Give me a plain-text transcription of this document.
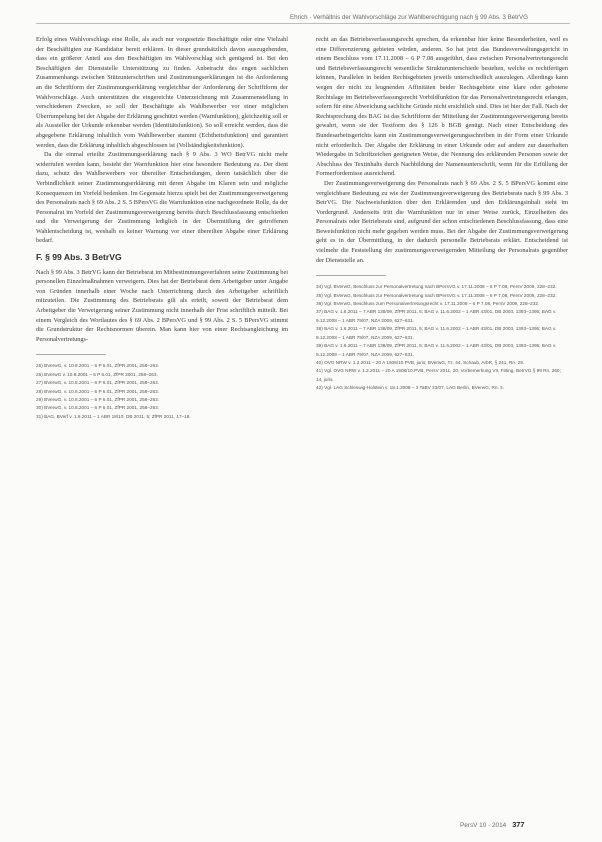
Ehrich · Verhältnis der Wahlvorschläge zur Wahlberechtigung nach § 99 Abs. 3 BetrVG

Erfolg eines Wahlvorschlags eine Rolle, als auch nur vorgesetzte Beschäftigte oder eine Vielzahl der Beschäftigten zur Kandidatur bereit erklären. In dieser grundsätzlich davon auszugehenden, dass ein größerer Anteil aus den Beschäftigten im Wahlvorschlag sich genügend ist. Bei den Beschäftigten der Dienststelle Unterstützung zu finden. Anbetracht des engen sachlichen Zusammenhangs zwischen Stützunterschriften und Zustimmungserklärungen ist die Anforderung an die Schriftform der Zustimmungserklärung vergleichbar der Anforderung der Schriftform der Wahlvorschläge. Auch unterstützen die eingereichte Unterzeichnung mit Zusammenstellung in verschiedenen Zwecken, so soll der Beschäftigte als Wahlbewerber vor einer möglichen Überrumpelung bei der Abgabe der Erklärung geschützt werden (Warnfunktion), gleichzeitig soll er als Aussteller der Urkunde erkennbar werden (Identitätsfunktion). So soll erreicht werden, dass die abgegebene Erklärung inhaltlich vom Wahlbewerber stammt (Echtheitsfunktion) und garantiert werden, dass die Erklärung inhaltlich abgeschlossen ist (Vollständigkeitsfunktion).

Da die einmal erteilte Zustimmungserklärung nach § 9 Abs. 3 WO BetrVG nicht mehr widerrufen werden kann, besteht der Warnfunktion hier eine besondere Bedeutung zu. Der dient dazu, schutz des Wahlbewerbers vor übereilter Entscheidungen, deren tatsächlich über die Verbindlichkeit seiner Zustimmungserklärung mit deren Abgabe im Klaren sein und mögliche Konsequenzen im Vorfeld bedenken. Im Gegensatz hierzu spielt bei der Zustimmungsverweigerung des Personalrats nach § 69 Abs. 2 S. 5 BPersVG die Warnfunktion eine nachgeordnete Rolle, da der Personalrat im Vorfeld der Zustimmungsverweigerung bereits durch Beschlussfassung entschieden und die Verweigerung der Zustimmung lediglich in der Übermittlung der getroffenen Wahlentscheidung ist, weshalb es keiner Warnung vor einer übereilten Abgabe einer Erklärung bedarf.

F. § 99 Abs. 3 BetrVG

Nach § 99 Abs. 3 BetrVG kann der Betriebsrat im Mitbestimmungsverfahren seine Zustimmung bei personellen Einzelmaßnahmen verweigern. Dies hat der Betriebsrat dem Arbeitgeber unter Angabe von Gründen innerhalb einer Woche nach Unterrichtung durch den Arbeitgeber schriftlich mitzuteilen. Die Zustimmung des Betriebsrats gilt als erteilt, soweit der Betriebsrat dem Arbeitgeber die Verweigerung seiner Zustimmung nicht innerhalb der Frist schriftlich mitteilt. Bei einem Vergleich des Wortlautes des § 69 Abs. 2 BPersVG und § 99 Abs. 2 S. 5 BPersVG stimmt die Grundstruktur der Rechtsnormen überein. Man kann hier von einer Rechtsangleichung im Personalvertretungs-

26) BVerwG, v. 10.8.2001 – 6 P 6.01, ZfPR 2001, 258–263.
26) BVerwG v. 10.8.2001 – 6 P 6.01, ZfPR 2001, 258–263.
27) BVerwG, v. 10.8.2001 – 6 P 6.01, ZfPR 2001, 258–263.
28) BVerwG, v. 10.8.2001 – 6 P 6.01, ZfPR 2001, 258–263.
29) BVerwG, v. 10.8.2001 – 6 P 6.01, ZfPR 2001, 258–263.
30) BVerwG, v. 10.8.2001 – 6 P 6.01, ZfPR 2001, 258–263.
31) BAG, BVerf v. 1.6.2011 – 1 ABR 18/10, DB 2011, 5; ZfPR 2011, 17–18.

recht an das Betriebsverfassungsrecht sprechen, da erkennbar hier keine Besonderheiten, weil es eine Differenzierung gebieten würden, anderen. So hat jetzt das Bundesverwaltungsgericht in einem Beschluss vom 17.11.2008 – 6 P 7.08 ausgeführt, dass zwischen Personalvertretungsrecht und Betriebsverfassungsrecht wesentliche Strukturunterschiede bestehen, welche es rechtfertigen können, Parallelen in beiden Rechtsgebieten jeweils unterschiedlich auszulegen. Allerdings kann wegen der nicht zu leugnenden Affinitäten beider Rechtsgebiete eine klare oder gebotene Rechtslage im Betriebsverfassungsrecht Vorbildfunktion für das Personalvertretungsrecht erlangen, sofern für eine Abweichung sachliche Gründe nicht ersichtlich sind. Dies ist hier der Fall. Nach der Rechtsprechung des BAG ist das Schriftform der Mitteilung der Zustimmungsverweigerung bereits gewahrt, wenn sie der Textform des § 126 b BGB genügt. Nach einer Entscheidung des Bundesarbeitsgerichts kann ein Zustimmungsverweigerungsschreiben in der Form einer Urkunde nicht erforderlich. Der Abgabe der Erklärung in einer Urkunde oder auf andere zur dauerhaften Wiedergabe in Schriftzeichen geeigneten Weise, die Nennung des erklärenden Personen sowie der Abschluss des Textinhalts durch Nachbildung der Namensunterschrift, wenn für die Erfüllung der Formerfordernisse ausreichend.

Der Zustimmungsverweigerung des Personalrats nach § 69 Abs. 2 S. 5 BPersVG kommt eine vergleichbare Bedeutung zu wie der Zustimmungsverweigerung des Betriebsrats nach § 99 Abs. 3 BetrVG. Die Nachweisfunktion über den Erklärenden und den Erklärungsinhalt steht im Vordergrund. Anderseits tritt die Warnfunktion nur in einer Weise zurück, Einzelheiten des Personalrats oder Betriebsrats sind, aufgrund der schon entschiedenen Beschlussfassung, dass eine Beweisfunktion nicht mehr gegeben werden muss. Bei der Abgabe der Zustimmungsverweigerung geht es in der Übermittlung, in der dadurch personelle Betriebsrats erklärt. Entscheidend ist vielmehr die Feststellung der zustimmungsverweigernden Mitteilung der Personalrats gegenüber der Dienststelle an.

34) Vgl. BVerwG, Beschluss zur Personalvertretung nach BPersVG v. 17.11.2008 – 6 P 7.08, PersV 2009, 228–232.
35) Vgl. BVerwG, Beschluss zur Personalvertretung nach BPersVG v. 17.11.2008 – 6 P 7.08, PersV 2009, 228–232.
36) Vgl. BVerwG, Beschluss zum Personalvertretungsrecht v. 17.11.2008 – 6 P 7.08, PersV 2009, 228–232.
37) BAG v. 1.6.2011 – 7 ABR 138/09, ZfPR 2011, 5; BAG v. 11.6.2002 – 1 ABR 43/01, DB 2003, 1393–1395; BAG v. 9.12.2008 – 1 ABR 79/07, NZA 2009, 627–631.
38) BAG v. 1.6.2011 – 7 ABR 138/09, ZfPR 2011, 5; BAG v. 11.6.2002 – 1 ABR 43/01, DB 2003, 1393–1395; BAG v. 9.12.2008 – 1 ABR 79/07, NZA 2009, 627–631.
39) BAG v. 1.6.2011 – 7 ABR 138/09, ZfPR 2011, 5; BAG v. 11.6.2002 – 1 ABR 43/01, DB 2003, 1393–1395; BAG v. 9.12.2008 – 1 ABR 79/07, NZA 2009, 627–631.
40) OVG NRW v. 1.2.2011 – 20 A 1508/10.PVB, juris; BVerwG, Tz. 44, Schaub, ArbR, § 241, Rn. 29.
41) Vgl. OVG NRW v. 1.2.2011 – 20 A 1508/10.PVB, PersV 2011, 20, Vorbemerkung VII, Fitting, BetrVG § 99 Rn. 260; 14, juris.
42) Vgl. LAG Schleswig-Holstein v. 18.1.2008 – 3 TaBV 33/07, LAG Berlin, BVerwG, Rn. 3.
PersV 10 · 2014 377
